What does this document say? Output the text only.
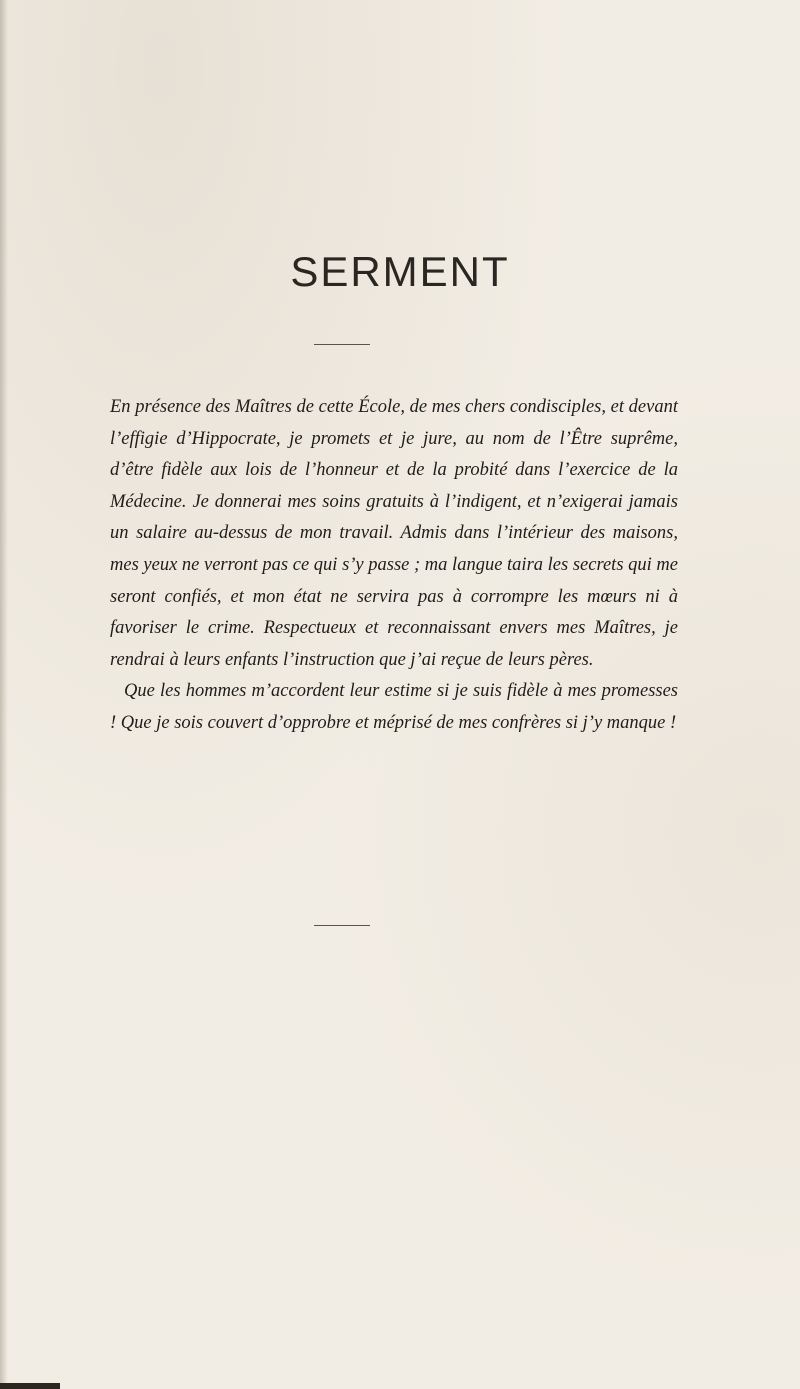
SERMENT

En présence des Maîtres de cette École, de mes chers condisciples, et devant l’effigie d’Hippocrate, je promets et je jure, au nom de l’Être suprême, d’être fidèle aux lois de l’honneur et de la probité dans l’exercice de la Médecine. Je donnerai mes soins gratuits à l’indigent, et n’exigerai jamais un salaire au-dessus de mon travail. Admis dans l’intérieur des maisons, mes yeux ne verront pas ce qui s’y passe ; ma langue taira les secrets qui me seront confiés, et mon état ne servira pas à corrompre les mœurs ni à favoriser le crime. Respectueux et reconnaissant envers mes Maîtres, je rendrai à leurs enfants l’instruction que j’ai reçue de leurs pères.

Que les hommes m’accordent leur estime si je suis fidèle à mes promesses ! Que je sois couvert d’opprobre et méprisé de mes confrères si j’y manque !
